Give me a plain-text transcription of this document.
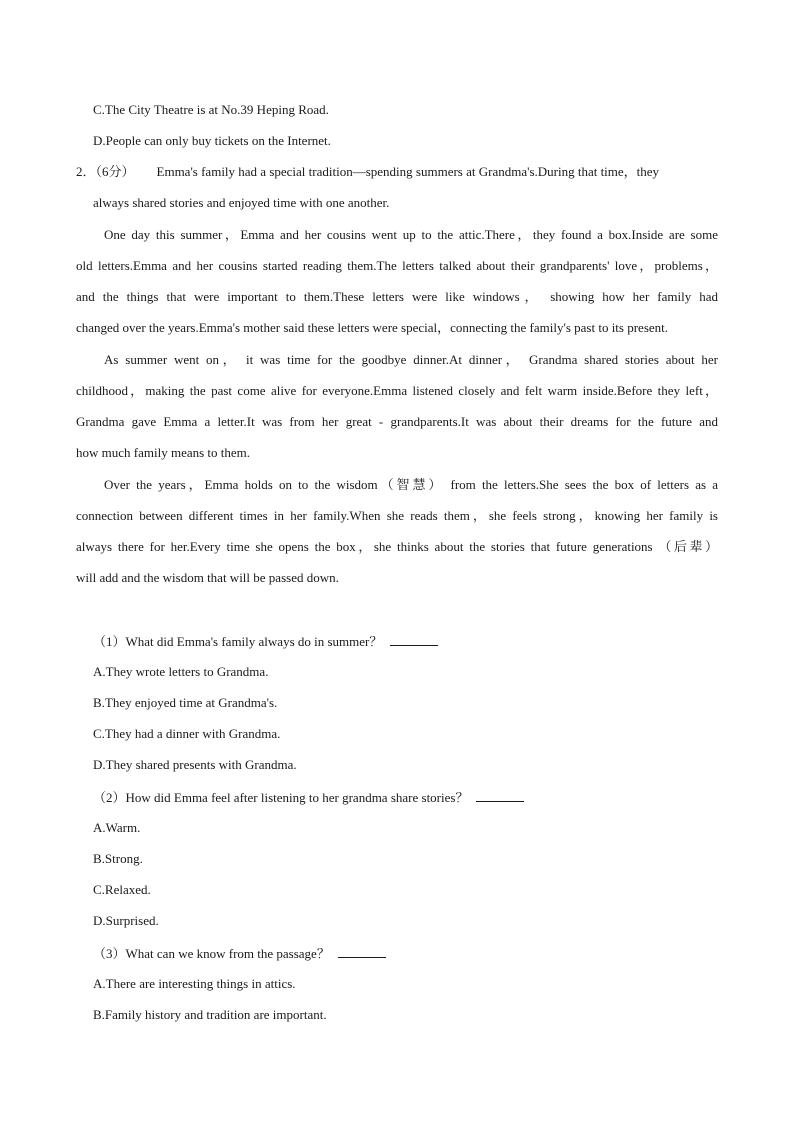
C.The City Theatre is at No.39 Heping Road.
D.People can only buy tickets on the Internet.
2．（6分） Emma's family had a special tradition—spending summers at Grandma's.During that time，they
always shared stories and enjoyed time with one another.
One day this summer，Emma and her cousins went up to the attic.There，they found a box.Inside are some
old letters.Emma and her cousins started reading them.The letters talked about their grandparents' love，problems，
and the things that were important to them.These letters were like windows， showing how her family had
changed over the years.Emma's mother said these letters were special，connecting the family's past to its present.
As summer went on， it was time for the goodbye dinner.At dinner， Grandma shared stories about her
childhood，making the past come alive for everyone.Emma listened closely and felt warm inside.Before they left，
Grandma gave Emma a letter.It was from her great - grandparents.It was about their dreams for the future and
how much family means to them.
Over the years，Emma holds on to the wisdom（智慧） from the letters.She sees the box of letters as a
connection between different times in her family.When she reads them，she feels strong，knowing her family is
always there for her.Every time she opens the box，she thinks about the stories that future generations （后辈）
will add and the wisdom that will be passed down.
（1）What did Emma's family always do in summer？
A.They wrote letters to Grandma.
B.They enjoyed time at Grandma's.
C.They had a dinner with Grandma.
D.They shared presents with Grandma.
（2）How did Emma feel after listening to her grandma share stories？
A.Warm.
B.Strong.
C.Relaxed.
D.Surprised.
（3）What can we know from the passage？
A.There are interesting things in attics.
B.Family history and tradition are important.
